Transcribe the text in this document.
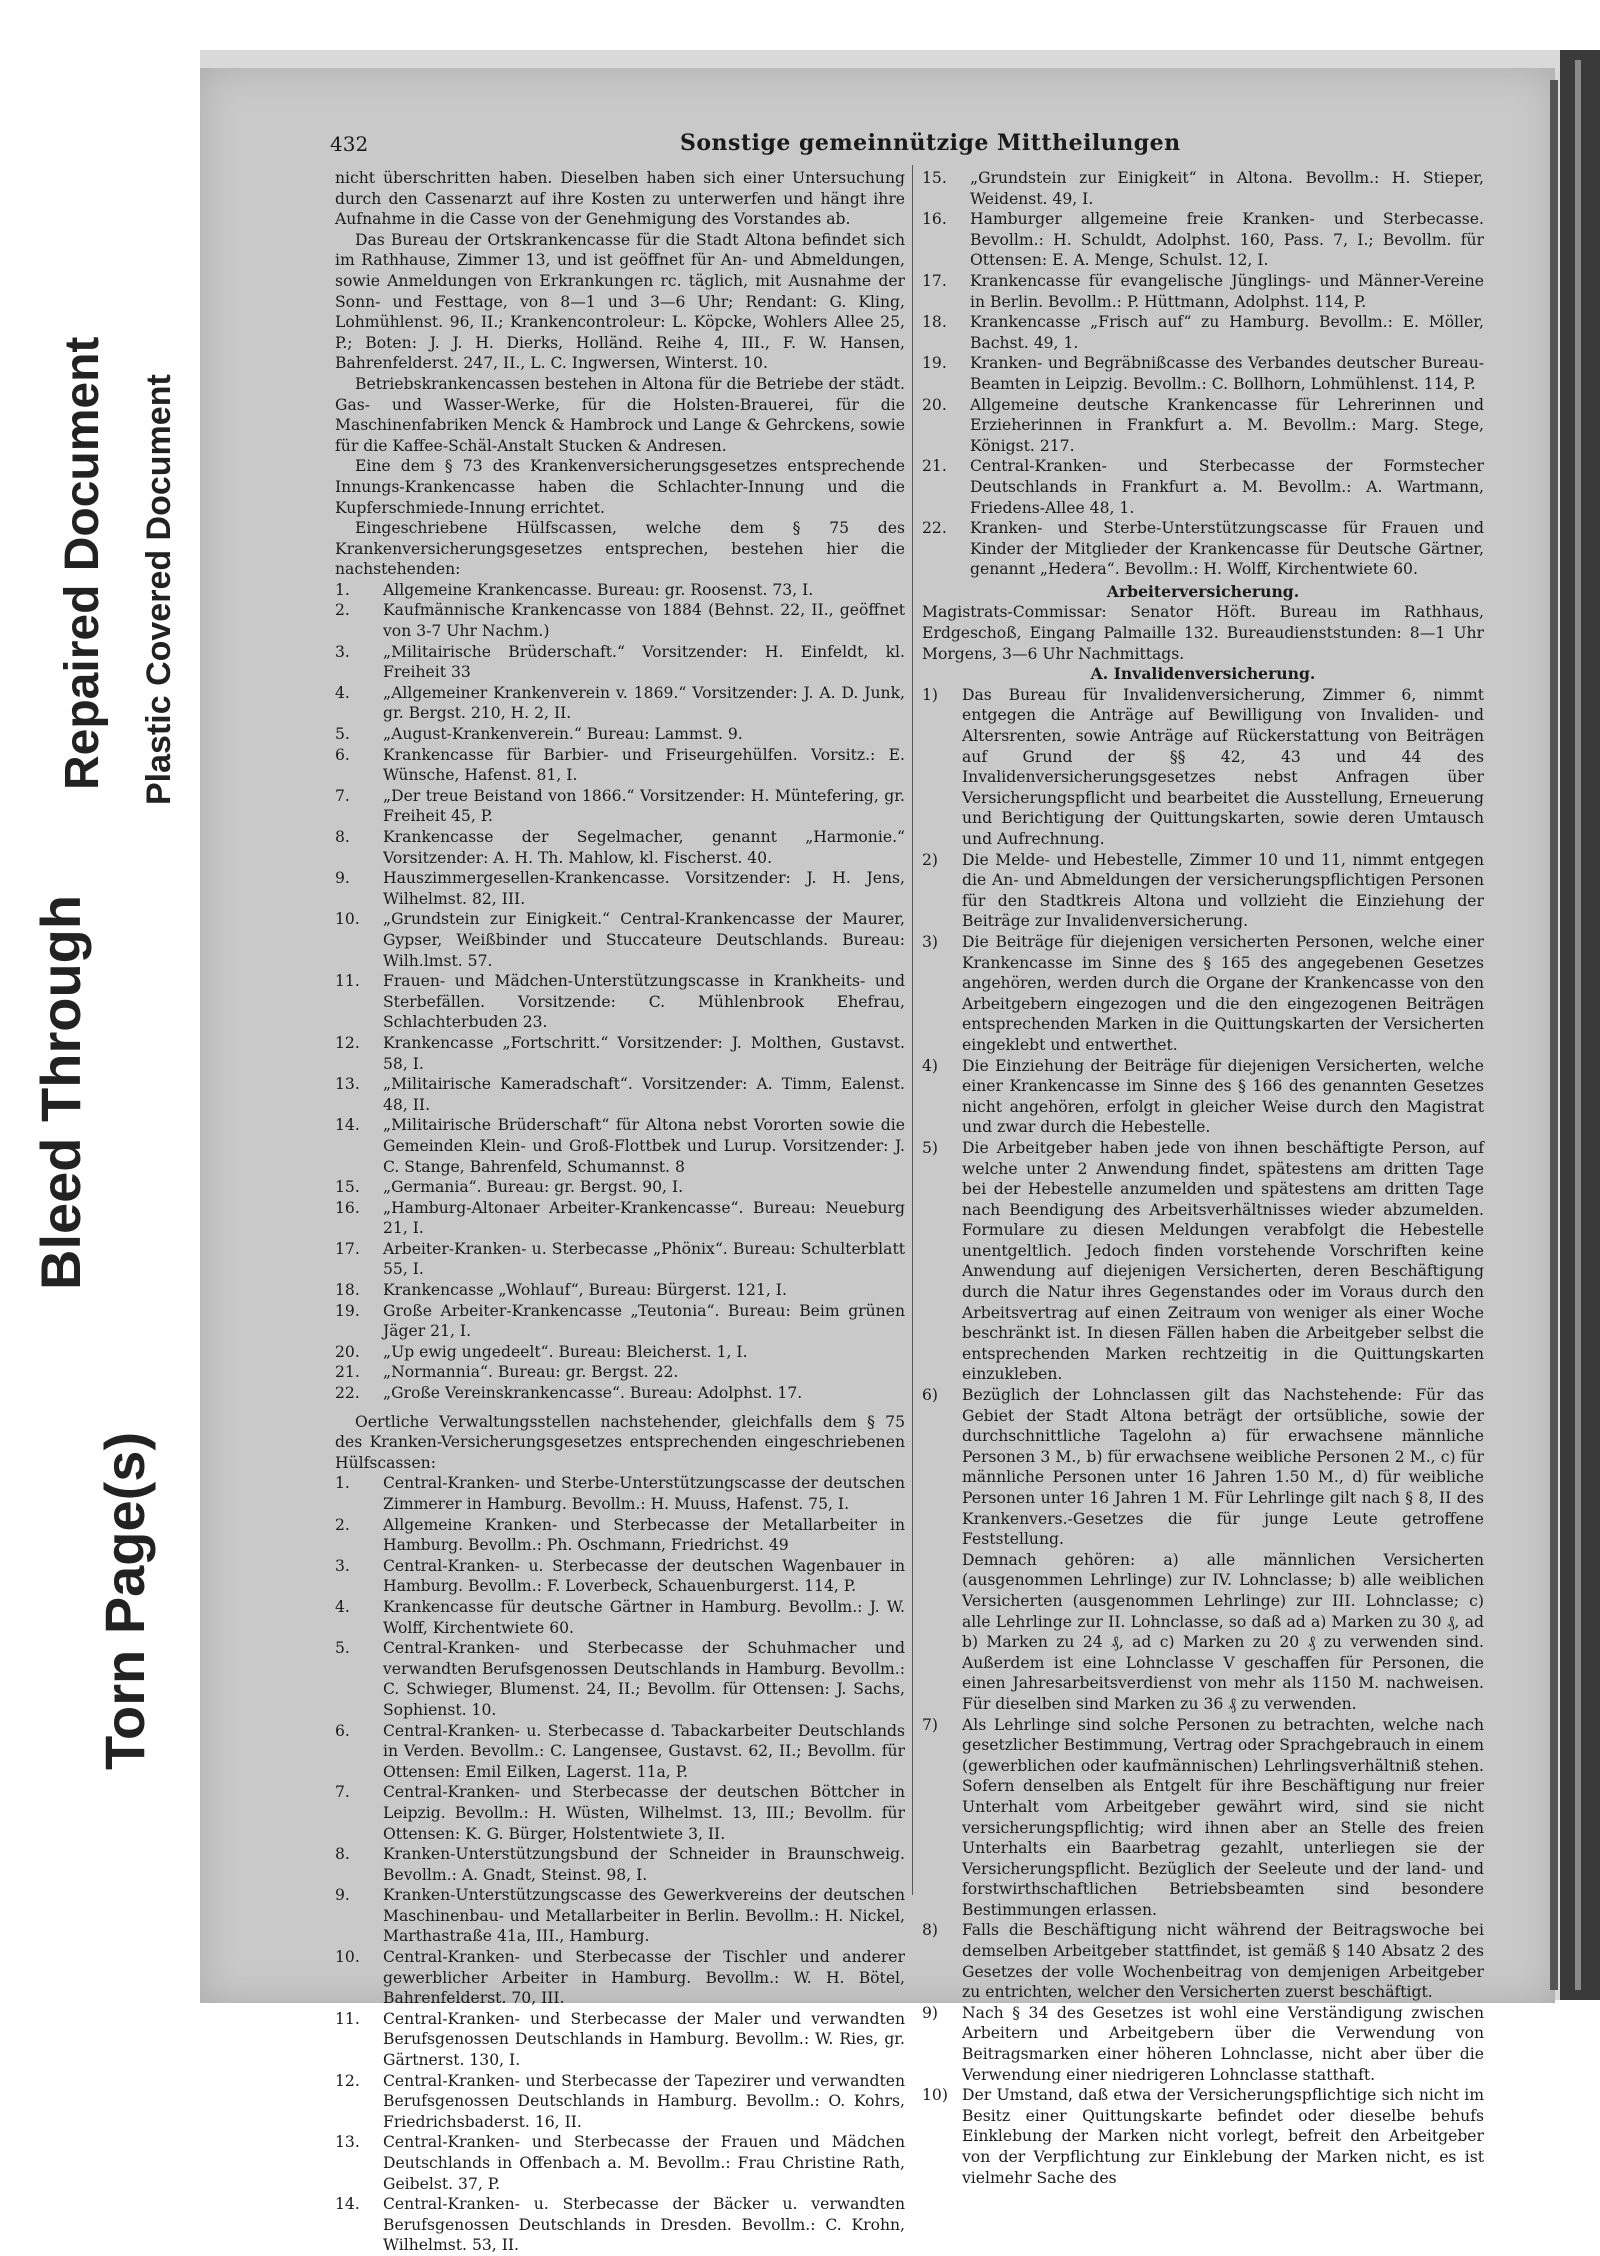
Bleed Through
Repaired Document Plastic Covered Document
Torn Page(s)
432	Sonstige gemeinnützige Mittheilungen

nicht überschritten haben. Dieselben haben sich einer Untersuchung durch den Cassenarzt auf ihre Kosten zu unterwerfen und hängt ihre Aufnahme in die Casse von der Genehmigung des Vorstandes ab.

Das Bureau der Ortskrankencasse für die Stadt Altona befindet sich im Rathhause, Zimmer 13, und ist geöffnet für An- und Abmeldungen, sowie Anmeldungen von Erkrankungen rc. täglich, mit Ausnahme der Sonn- und Festtage, von 8—1 und 3—6 Uhr; Rendant: G. Kling, Lohmühlenst. 96, II.; Krankencontroleur: L. Köpcke, Wohlers Allee 25, P.; Boten: J. J. H. Dierks, Holländ. Reihe 4, III., F. W. Hansen, Bahrenfelderst. 247, II., L. C. Ingwersen, Winterst. 10.

Betriebskrankencassen bestehen in Altona für die Betriebe der städt. Gas- und Wasser-Werke, für die Holsten-Brauerei, für die Maschinenfabriken Menck & Hambrock und Lange & Gehrckens, sowie für die Kaffee-Schäl-Anstalt Stucken & Andresen.

Eine dem § 73 des Krankenversicherungsgesetzes entsprechende Innungs-Krankencasse haben die Schlachter-Innung und die Kupferschmiede-Innung errichtet.

Eingeschriebene Hülfscassen, welche dem § 75 des Krankenversicherungsgesetzes entsprechen, bestehen hier die nachstehenden:

1. Allgemeine Krankencasse. Bureau: gr. Roosenst. 73, I.
2. Kaufmännische Krankencasse von 1884 (Behnst. 22, II., geöffnet von 3-7 Uhr Nachm.)
3. „Militairische Brüderschaft.“ Vorsitzender: H. Einfeldt, kl. Freiheit 33
4. „Allgemeiner Krankenverein v. 1869.“ Vorsitzender: J. A. D. Junk, gr. Bergst. 210, H. 2, II.
5. „August-Krankenverein.“ Bureau: Lammst. 9.
6. Krankencasse für Barbier- und Friseurgehülfen. Vorsitz.: E. Wünsche, Hafenst. 81, I.
7. „Der treue Beistand von 1866.“ Vorsitzender: H. Müntefering, gr. Freiheit 45, P.
8. Krankencasse der Segelmacher, genannt „Harmonie.“ Vorsitzender: A. H. Th. Mahlow, kl. Fischerst. 40.
9. Hauszimmergesellen-Krankencasse. Vorsitzender: J. H. Jens, Wilhelmst. 82, III.
10. „Grundstein zur Einigkeit.“ Central-Krankencasse der Maurer, Gypser, Weißbinder und Stuccateure Deutschlands. Bureau: Wilh.lmst. 57.
11. Frauen- und Mädchen-Unterstützungscasse in Krankheits- und Sterbefällen. Vorsitzende: C. Mühlenbrook Ehefrau, Schlachterbuden 23.
12. Krankencasse „Fortschritt.“ Vorsitzender: J. Molthen, Gustavst. 58, I.
13. „Militairische Kameradschaft“. Vorsitzender: A. Timm, Ealenst. 48, II.
14. „Militairische Brüderschaft“ für Altona nebst Vororten sowie die Gemeinden Klein- und Groß-Flottbek und Lurup. Vorsitzender: J. C. Stange, Bahrenfeld, Schumannst. 8
15. „Germania“. Bureau: gr. Bergst. 90, I.
16. „Hamburg-Altonaer Arbeiter-Krankencasse“. Bureau: Neueburg 21, I.
17. Arbeiter-Kranken- u. Sterbecasse „Phönix“. Bureau: Schulterblatt 55, I.
18. Krankencasse „Wohlauf“, Bureau: Bürgerst. 121, I.
19. Große Arbeiter-Krankencasse „Teutonia“. Bureau: Beim grünen Jäger 21, I.
20. „Up ewig ungedeelt“. Bureau: Bleicherst. 1, I.
21. „Normannia“. Bureau: gr. Bergst. 22.
22. „Große Vereinskrankencasse“. Bureau: Adolphst. 17.

Oertliche Verwaltungsstellen nachstehender, gleichfalls dem § 75 des Kranken-Versicherungsgesetzes entsprechenden eingeschriebenen Hülfscassen:

1. Central-Kranken- und Sterbe-Unterstützungscasse der deutschen Zimmerer in Hamburg. Bevollm.: H. Muuss, Hafenst. 75, I.
2. Allgemeine Kranken- und Sterbecasse der Metallarbeiter in Hamburg. Bevollm.: Ph. Oschmann, Friedrichst. 49
3. Central-Kranken- u. Sterbecasse der deutschen Wagenbauer in Hamburg. Bevollm.: F. Loverbeck, Schauenburgerst. 114, P.
4. Krankencasse für deutsche Gärtner in Hamburg. Bevollm.: J. W. Wolff, Kirchentwiete 60.
5. Central-Kranken- und Sterbecasse der Schuhmacher und verwandten Berufsgenossen Deutschlands in Hamburg. Bevollm.: C. Schwieger, Blumenst. 24, II.; Bevollm. für Ottensen: J. Sachs, Sophienst. 10.
6. Central-Kranken- u. Sterbecasse d. Tabackarbeiter Deutschlands in Verden. Bevollm.: C. Langensee, Gustavst. 62, II.; Bevollm. für Ottensen: Emil Eilken, Lagerst. 11a, P.
7. Central-Kranken- und Sterbecasse der deutschen Böttcher in Leipzig. Bevollm.: H. Wüsten, Wilhelmst. 13, III.; Bevollm. für Ottensen: K. G. Bürger, Holstentwiete 3, II.
8. Kranken-Unterstützungsbund der Schneider in Braunschweig. Bevollm.: A. Gnadt, Steinst. 98, I.
9. Kranken-Unterstützungscasse des Gewerkvereins der deutschen Maschinenbau- und Metallarbeiter in Berlin. Bevollm.: H. Nickel, Marthastraße 41a, III., Hamburg.
10. Central-Kranken- und Sterbecasse der Tischler und anderer gewerblicher Arbeiter in Hamburg. Bevollm.: W. H. Bötel, Bahrenfelderst. 70, III.
11. Central-Kranken- und Sterbecasse der Maler und verwandten Berufsgenossen Deutschlands in Hamburg. Bevollm.: W. Ries, gr. Gärtnerst. 130, I.
12. Central-Kranken- und Sterbecasse der Tapezirer und verwandten Berufsgenossen Deutschlands in Hamburg. Bevollm.: O. Kohrs, Friedrichsbaderst. 16, II.
13. Central-Kranken- und Sterbecasse der Frauen und Mädchen Deutschlands in Offenbach a. M. Bevollm.: Frau Christine Rath, Geibelst. 37, P.
14. Central-Kranken- u. Sterbecasse der Bäcker u. verwandten Berufsgenossen Deutschlands in Dresden. Bevollm.: C. Krohn, Wilhelmst. 53, II.
15. „Grundstein zur Einigkeit“ in Altona. Bevollm.: H. Stieper, Weidenst. 49, I.
16. Hamburger allgemeine freie Kranken- und Sterbecasse. Bevollm.: H. Schuldt, Adolphst. 160, Pass. 7, I.; Bevollm. für Ottensen: E. A. Menge, Schulst. 12, I.
17. Krankencasse für evangelische Jünglings- und Männer-Vereine in Berlin. Bevollm.: P. Hüttmann, Adolphst. 114, P.
18. Krankencasse „Frisch auf“ zu Hamburg. Bevollm.: E. Möller, Bachst. 49, 1.
19. Kranken- und Begräbnißcasse des Verbandes deutscher Bureau-Beamten in Leipzig. Bevollm.: C. Bollhorn, Lohmühlenst. 114, P.
20. Allgemeine deutsche Krankencasse für Lehrerinnen und Erzieherinnen in Frankfurt a. M. Bevollm.: Marg. Stege, Königst. 217.
21. Central-Kranken- und Sterbecasse der Formstecher Deutschlands in Frankfurt a. M. Bevollm.: A. Wartmann, Friedens-Allee 48, 1.
22. Kranken- und Sterbe-Unterstützungscasse für Frauen und Kinder der Mitglieder der Krankencasse für Deutsche Gärtner, genannt „Hedera“. Bevollm.: H. Wolff, Kirchentwiete 60.

Arbeiterversicherung.

Magistrats-Commissar: Senator Höft. Bureau im Rathhaus, Erdgeschoß, Eingang Palmaille 132. Bureaudienststunden: 8—1 Uhr Morgens, 3—6 Uhr Nachmittags.

A. Invalidenversicherung.

1) Das Bureau für Invalidenversicherung, Zimmer 6, nimmt entgegen die Anträge auf Bewilligung von Invaliden- und Altersrenten, sowie Anträge auf Rückerstattung von Beiträgen auf Grund der §§ 42, 43 und 44 des Invalidenversicherungsgesetzes nebst Anfragen über Versicherungspflicht und bearbeitet die Ausstellung, Erneuerung und Berichtigung der Quittungskarten, sowie deren Umtausch und Aufrechnung.
2) Die Melde- und Hebestelle, Zimmer 10 und 11, nimmt entgegen die An- und Abmeldungen der versicherungspflichtigen Personen für den Stadtkreis Altona und vollzieht die Einziehung der Beiträge zur Invalidenversicherung.
3) Die Beiträge für diejenigen versicherten Personen, welche einer Krankencasse im Sinne des § 165 des angegebenen Gesetzes angehören, werden durch die Organe der Krankencasse von den Arbeitgebern eingezogen und die den eingezogenen Beiträgen entsprechenden Marken in die Quittungskarten der Versicherten eingeklebt und entwerthet.
4) Die Einziehung der Beiträge für diejenigen Versicherten, welche einer Krankencasse im Sinne des § 166 des genannten Gesetzes nicht angehören, erfolgt in gleicher Weise durch den Magistrat und zwar durch die Hebestelle.
5) Die Arbeitgeber haben jede von ihnen beschäftigte Person, auf welche unter 2 Anwendung findet, spätestens am dritten Tage bei der Hebestelle anzumelden und spätestens am dritten Tage nach Beendigung des Arbeitsverhältnisses wieder abzumelden. Formulare zu diesen Meldungen verabfolgt die Hebestelle unentgeltlich. Jedoch finden vorstehende Vorschriften keine Anwendung auf diejenigen Versicherten, deren Beschäftigung durch die Natur ihres Gegenstandes oder im Voraus durch den Arbeitsvertrag auf einen Zeitraum von weniger als einer Woche beschränkt ist. In diesen Fällen haben die Arbeitgeber selbst die entsprechenden Marken rechtzeitig in die Quittungskarten einzukleben.
6) Bezüglich der Lohnclassen gilt das Nachstehende: Für das Gebiet der Stadt Altona beträgt der ortsübliche, sowie der durchschnittliche Tagelohn a) für erwachsene männliche Personen 3 M., b) für erwachsene weibliche Personen 2 M., c) für männliche Personen unter 16 Jahren 1.50 M., d) für weibliche Personen unter 16 Jahren 1 M. Für Lehrlinge gilt nach § 8, II des Krankenvers.-Gesetzes die für junge Leute getroffene Feststellung.
Demnach gehören: a) alle männlichen Versicherten (ausgenommen Lehrlinge) zur IV. Lohnclasse; b) alle weiblichen Versicherten (ausgenommen Lehrlinge) zur III. Lohnclasse; c) alle Lehrlinge zur II. Lohnclasse, so daß ad a) Marken zu 30 ₰, ad b) Marken zu 24 ₰, ad c) Marken zu 20 ₰ zu verwenden sind. Außerdem ist eine Lohnclasse V geschaffen für Personen, die einen Jahresarbeitsverdienst von mehr als 1150 M. nachweisen. Für dieselben sind Marken zu 36 ₰ zu verwenden.
7) Als Lehrlinge sind solche Personen zu betrachten, welche nach gesetzlicher Bestimmung, Vertrag oder Sprachgebrauch in einem (gewerblichen oder kaufmännischen) Lehrlingsverhältniß stehen. Sofern denselben als Entgelt für ihre Beschäftigung nur freier Unterhalt vom Arbeitgeber gewährt wird, sind sie nicht versicherungspflichtig; wird ihnen aber an Stelle des freien Unterhalts ein Baarbetrag gezahlt, unterliegen sie der Versicherungspflicht. Bezüglich der Seeleute und der land- und forstwirthschaftlichen Betriebsbeamten sind besondere Bestimmungen erlassen.
8) Falls die Beschäftigung nicht während der Beitragswoche bei demselben Arbeitgeber stattfindet, ist gemäß § 140 Absatz 2 des Gesetzes der volle Wochenbeitrag von demjenigen Arbeitgeber zu entrichten, welcher den Versicherten zuerst beschäftigt.
9) Nach § 34 des Gesetzes ist wohl eine Verständigung zwischen Arbeitern und Arbeitgebern über die Verwendung von Beitragsmarken einer höheren Lohnclasse, nicht aber über die Verwendung einer niedrigeren Lohnclasse statthaft.
10) Der Umstand, daß etwa der Versicherungspflichtige sich nicht im Besitz einer Quittungskarte befindet oder dieselbe behufs Einklebung der Marken nicht vorlegt, befreit den Arbeitgeber von der Verpflichtung zur Einklebung der Marken nicht, es ist vielmehr Sache des
